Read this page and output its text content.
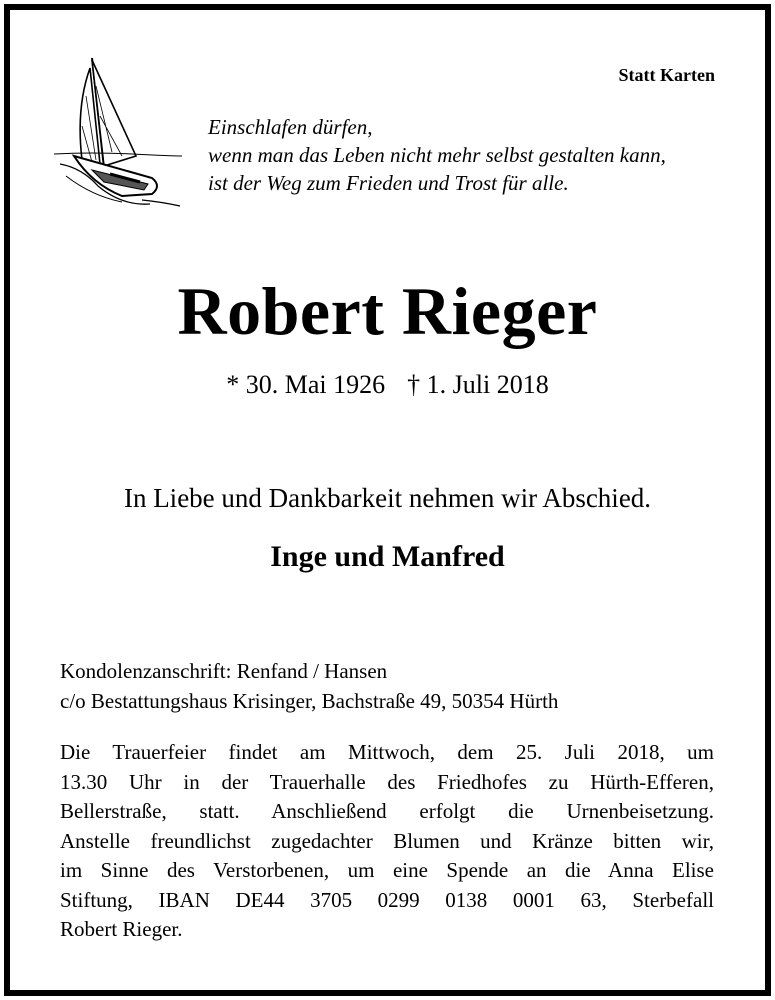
Statt Karten

Einschlafen dürfen,
wenn man das Leben nicht mehr selbst gestalten kann,
ist der Weg zum Frieden und Trost für alle.

Robert Rieger
* 30. Mai 1926 † 1. Juli 2018
In Liebe und Dankbarkeit nehmen wir Abschied.
Inge und Manfred
Kondolenzanschrift: Renfand / Hansen
c/o Bestattungshaus Krisinger, Bachstraße 49, 50354 Hürth
Die Trauerfeier findet am Mittwoch, dem 25. Juli 2018, um
13.30 Uhr in der Trauerhalle des Friedhofes zu Hürth-Efferen,
Bellerstraße, statt. Anschließend erfolgt die Urnenbeisetzung.
Anstelle freundlichst zugedachter Blumen und Kränze bitten wir,
im Sinne des Verstorbenen, um eine Spende an die Anna Elise
Stiftung, IBAN DE44 3705 0299 0138 0001 63, Sterbefall
Robert Rieger.
